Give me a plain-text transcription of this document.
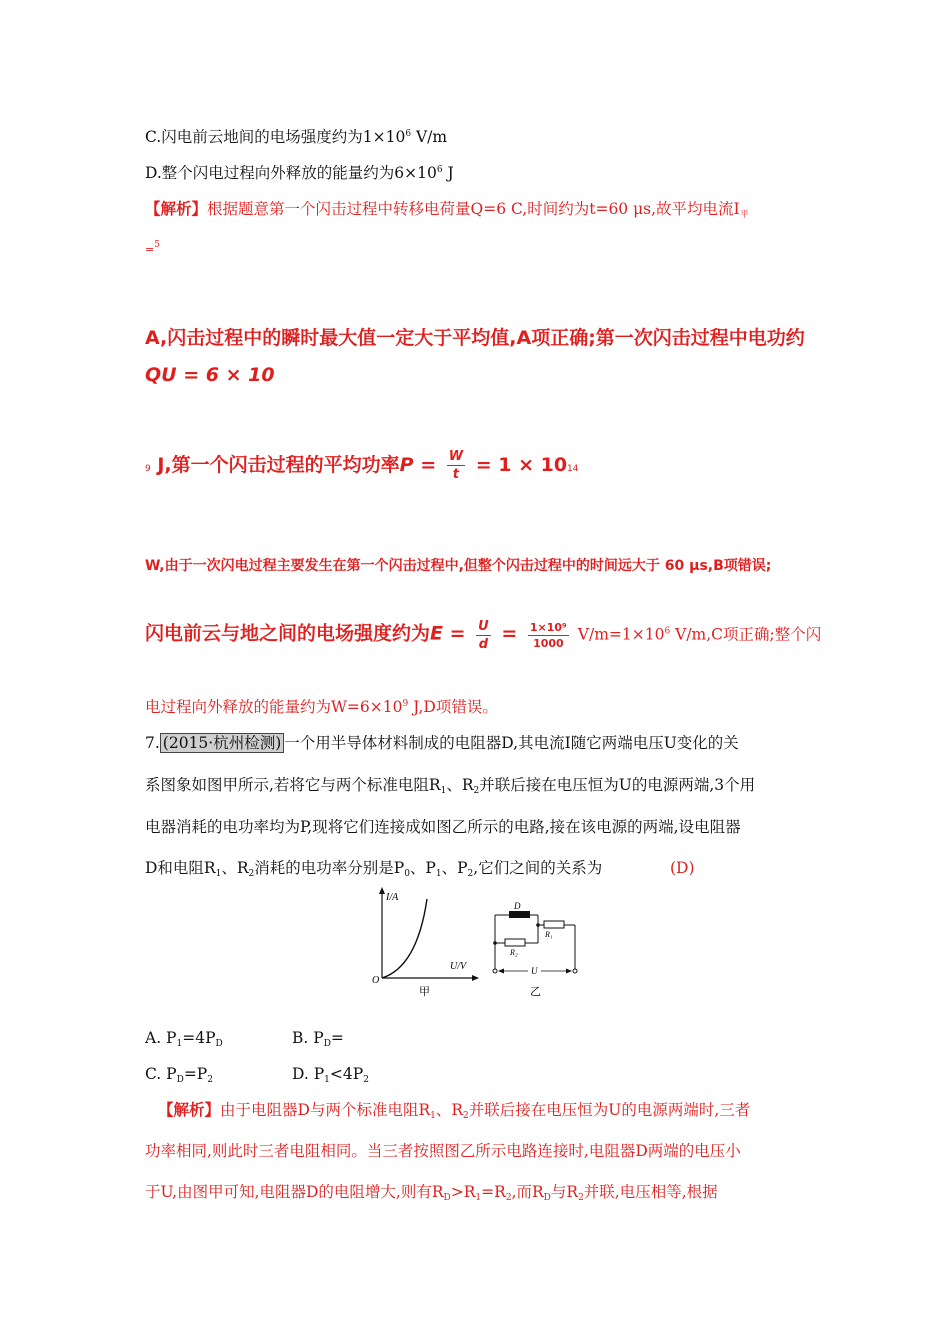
C.闪电前云地间的电场强度约为$1\times 10^6$ V/m
D.整个闪电过程向外释放的能量约为$6\times 10^6$ J
【解析】根据题意第一个闪击过程中转移电荷量Q=6 C,时间约为t=60 μs,故平均电流$I_平$
=$^5$
A,闪击过程中的瞬时最大值一定大于平均值,A项正确;第一次闪击过程中电功约
QU = 6 × 10
9 J,第一个闪击过程的平均功率$P = \frac{W}{t} = 1 \times 1014$
W,由于一次闪电过程主要发生在第一个闪击过程中,但整个闪击过程中的时间远大于 60 μs,B项错误;
闪电前云与地之间的电场强度约为$E = \frac{U}{d} = \frac{\text{1×10⁹}}{1000} V/m=1\times 10^6$ V/m,C项正确;整个闪
电过程向外释放的能量约为$W=6\times 10^9$ J,D项错误。
7. (2015·杭州检测) 一个用半导体材料制成的电阻器D,其电流I随它两端电压U变化的关
系图象如图甲所示,若将它与两个标准电阻$R_1$、$R_2$并联后接在电压恒为U的电源两端,3个用
电器消耗的电功率均为P,现将它们连接成如图乙所示的电路,接在该电源的两端,设电阻器
D和电阻$R_1$、$R_2$消耗的电功率分别是$P_0$、$P_1$、$P_2$,它们之间的关系为	(D)
I/A
U/V
O
甲
D
R₁
R₂
U
乙
A. $P_1=4P_D$	B. $P_D=$
C. $P_D=P_2$	D. $P_1<4P_2$
【解析】由于电阻器D与两个标准电阻$R_1$、$R_2$并联后接在电压恒为U的电源两端时,三者
功率相同,则此时三者电阻相同。当三者按照图乙所示电路连接时,电阻器D两端的电压小
于U,由图甲可知,电阻器D的电阻增大,则有$R_D>R_1=R_2$,而$R_D$与$R_2$并联,电压相等,根据
